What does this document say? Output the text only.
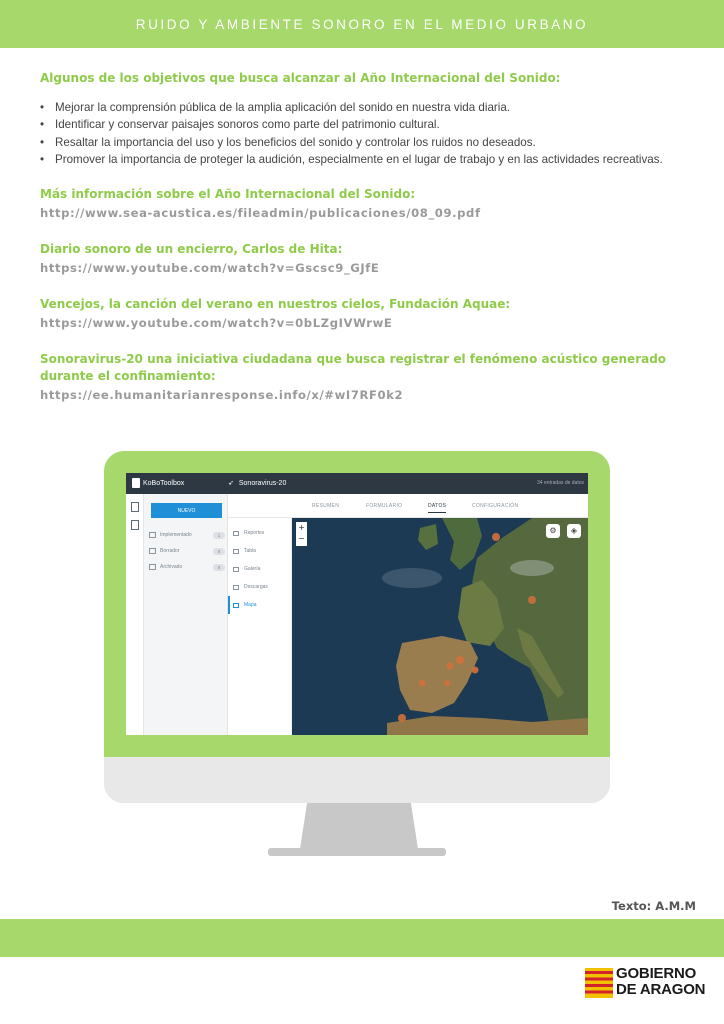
RUIDO Y AMBIENTE SONORO EN EL MEDIO URBANO
Algunos de los objetivos que busca alcanzar al Año Internacional del Sonido:
• Mejorar la comprensión pública de la amplia aplicación del sonido en nuestra vida diaria.
• Identificar y conservar paisajes sonoros como parte del patrimonio cultural.
• Resaltar la importancia del uso y los beneficios del sonido y controlar los ruidos no deseados.
• Promover la importancia de proteger la audición, especialmente en el lugar de trabajo y en las actividades recreativas.
Más información sobre el Año Internacional del Sonido:
http://www.sea-acustica.es/fileadmin/publicaciones/08_09.pdf
Diario sonoro de un encierro, Carlos de Hita:
https://www.youtube.com/watch?v=Gscsc9_GJfE
Vencejos, la canción del verano en nuestros cielos, Fundación Aquae:
https://www.youtube.com/watch?v=0bLZgIVWrwE
Sonoravirus-20 una iniciativa ciudadana que busca registrar el fenómeno acústico generado durante el confinamiento:
https://ee.humanitarianresponse.info/x/#wI7RF0k2
KoBoToolbox	➶ Sonoravirus-20	34 entradas de datos
NUEVO
Implementado	1
Borrador	0
Archivado	0
RESUMEN	FORMULARIO	DATOS	CONFIGURACIÓN
Reportes
Tabla
Galería
Descargas
Mapa
+
−
⚙	◈
Texto: A.M.M
GOBIERNO
DE ARAGON
